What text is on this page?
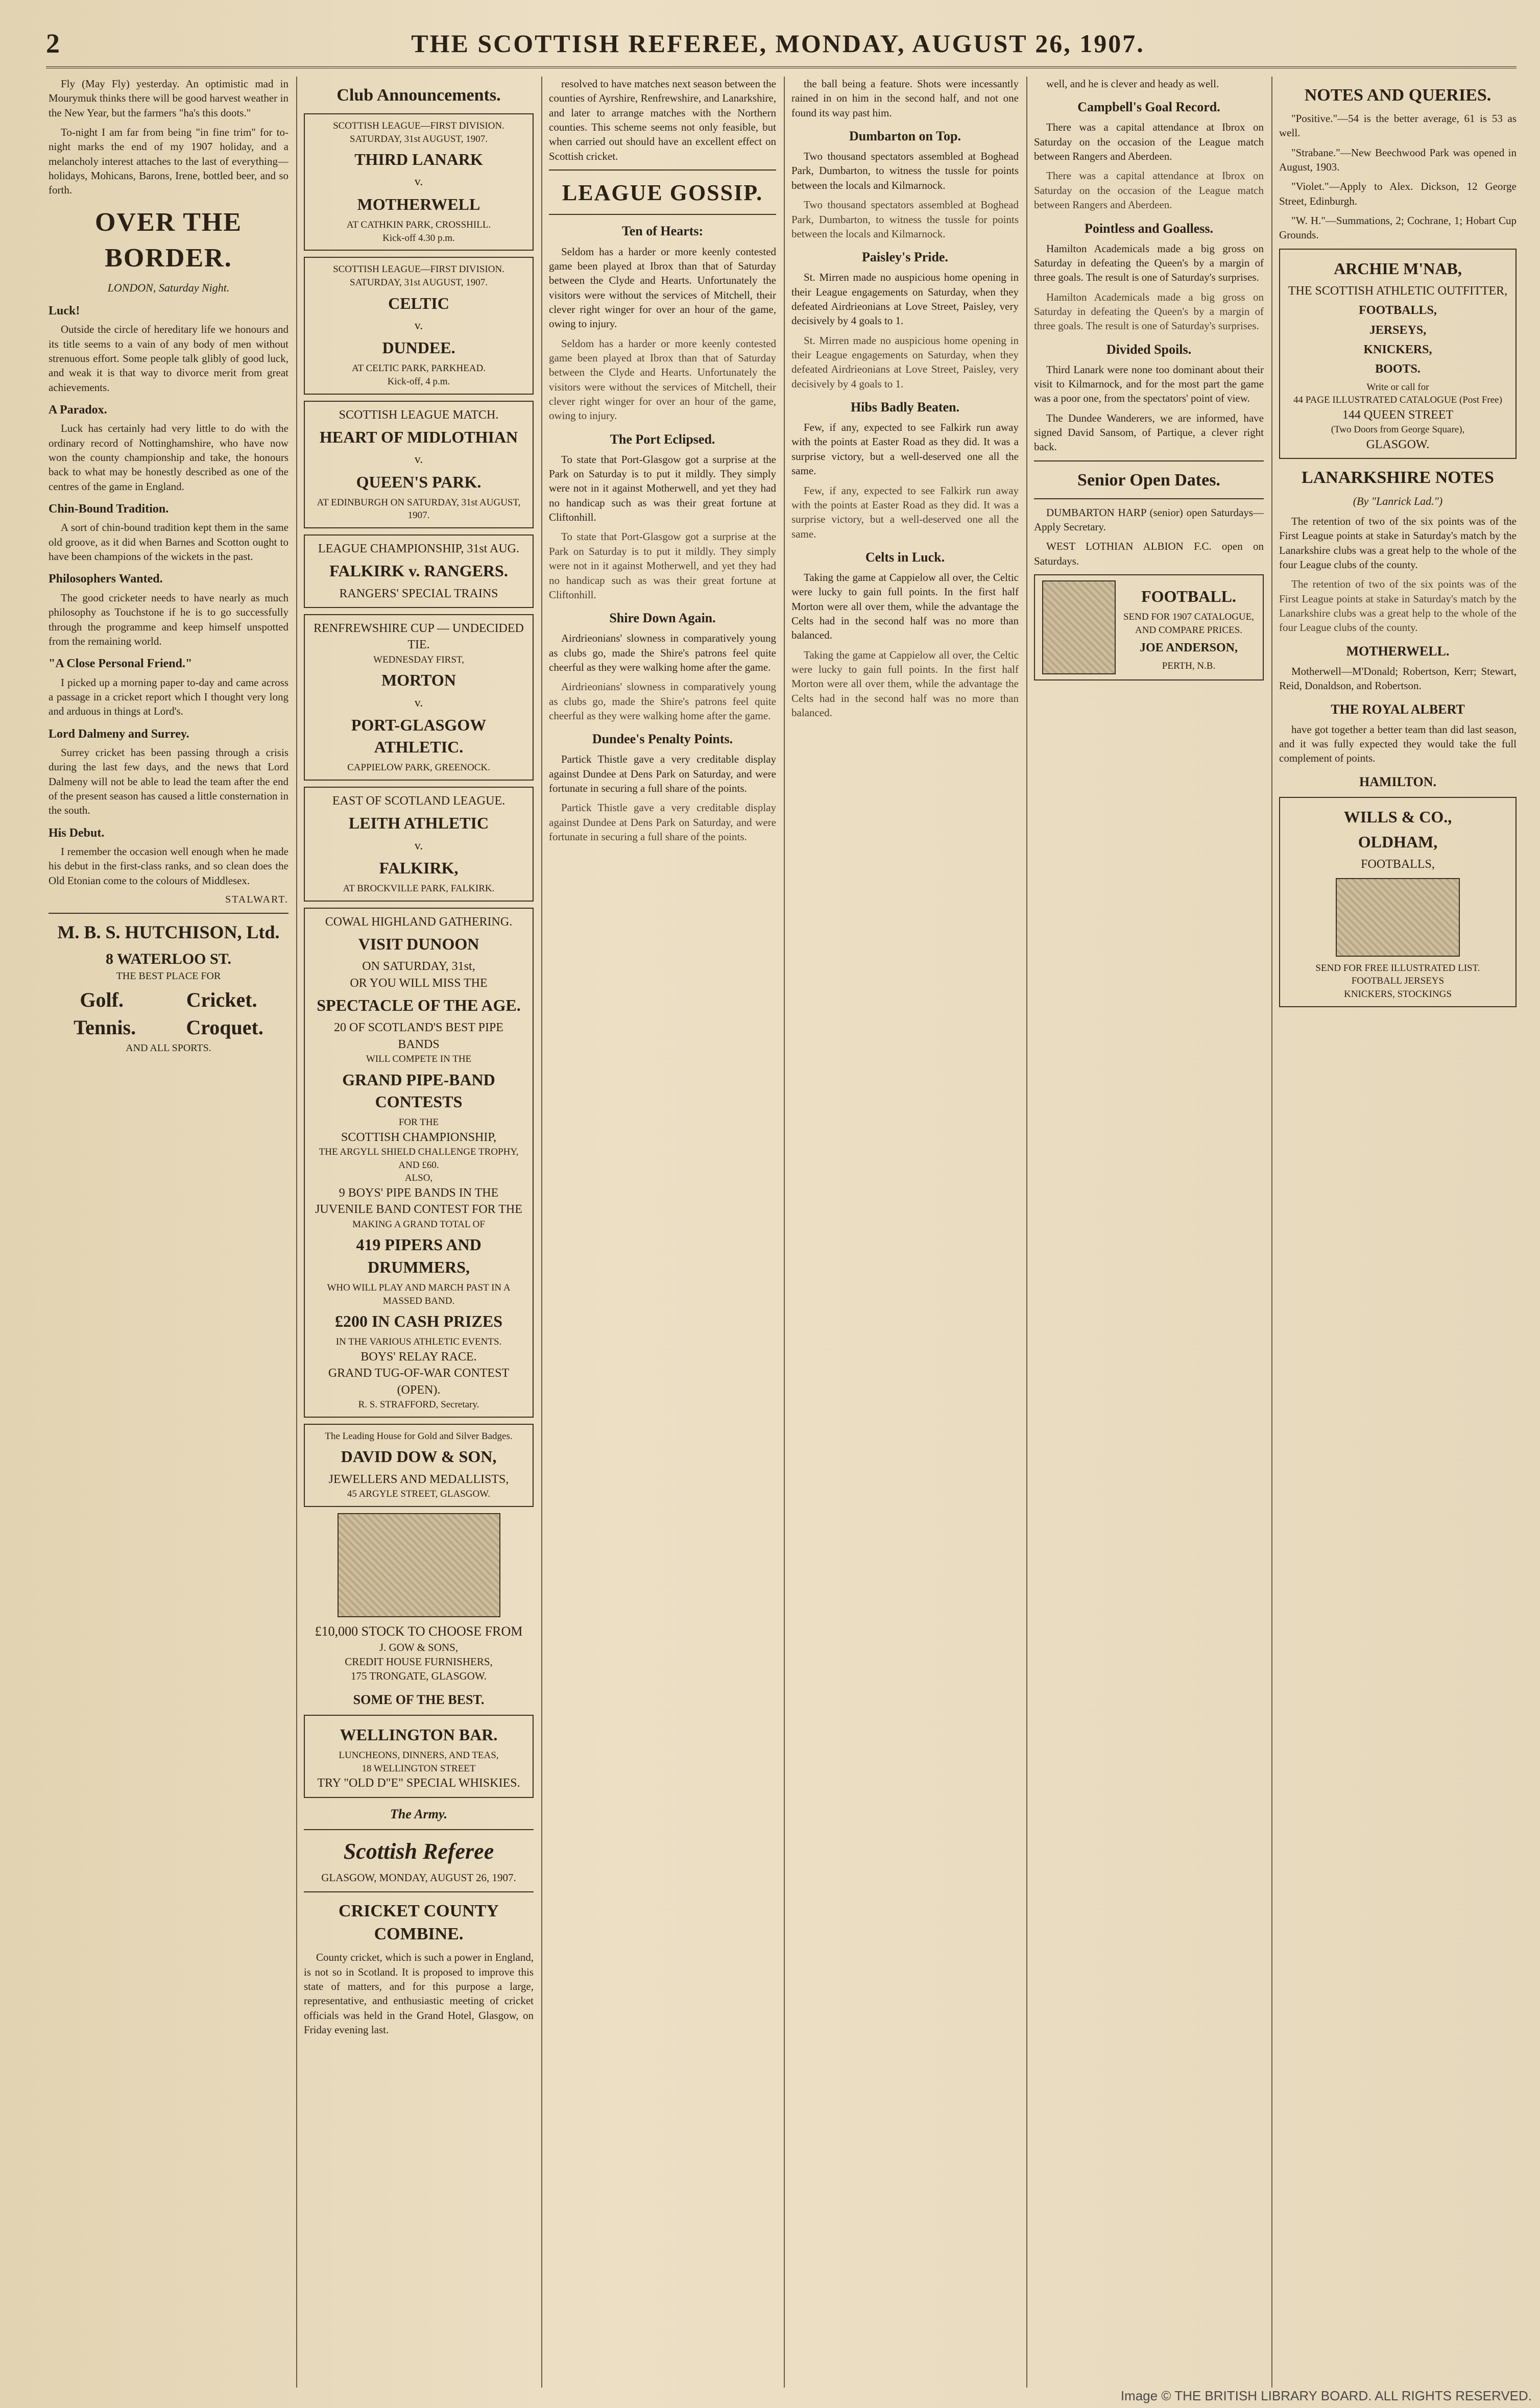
2	THE SCOTTISH REFEREE, MONDAY, AUGUST 26, 1907.

Fly (May Fly) yesterday. An optimistic mad in Mourymuk thinks there will be good harvest weather in the New Year, but the farmers "ha's this doots."

To-night I am far from being "in fine trim" for to-night marks the end of my 1907 holiday, and a melancholy interest attaches to the last of everything—holidays, Mohicans, Barons, Irene, bottled beer, and so forth.

OVER THE BORDER.
LONDON, Saturday Night.
Luck!

Outside the circle of hereditary life we honours and its title seems to a vain of any body of men without strenuous effort. Some people talk glibly of good luck, and weak it is that way to divorce merit from great achievements.

A Paradox.

Luck has certainly had very little to do with the ordinary record of Nottinghamshire, who have now won the county championship and take, the honours back to what may be honestly described as one of the centres of the game in England.

Chin-Bound Tradition.

A sort of chin-bound tradition kept them in the same old groove, as it did when Barnes and Scotton ought to have been champions of the wickets in the past.

Philosophers Wanted.

The good cricketer needs to have nearly as much philosophy as Touchstone if he is to go successfully through the programme and keep himself unspotted from the remaining world.

"A Close Personal Friend."

I picked up a morning paper to-day and came across a passage in a cricket report which I thought very long and arduous in things at Lord's.

Lord Dalmeny and Surrey.

Surrey cricket has been passing through a crisis during the last few days, and the news that Lord Dalmeny will not be able to lead the team after the end of the present season has caused a little consternation in the south.

His Debut.

I remember the occasion well enough when he made his debut in the first-class ranks, and so clean does the Old Etonian come to the colours of Middlesex.

STALWART.
M. B. S. HUTCHISON, Ltd.
8 WATERLOO ST.
THE BEST PLACE FOR
Golf.	Cricket.
Tennis. Croquet.
AND ALL SPORTS.
Club Announcements.
SCOTTISH LEAGUE—FIRST DIVISION.
SATURDAY, 31st AUGUST, 1907.
THIRD LANARK
v.
MOTHERWELL
AT CATHKIN PARK, CROSSHILL.
Kick-off 4.30 p.m.
SCOTTISH LEAGUE—FIRST DIVISION.
SATURDAY, 31st AUGUST, 1907.
CELTIC
v.
DUNDEE.
AT CELTIC PARK, PARKHEAD.
Kick-off, 4 p.m.
SCOTTISH LEAGUE MATCH.
HEART OF MIDLOTHIAN
v.
QUEEN'S PARK.
AT EDINBURGH ON SATURDAY, 31st AUGUST, 1907.
LEAGUE CHAMPIONSHIP, 31st AUG.
FALKIRK v. RANGERS.
RANGERS' SPECIAL TRAINS
RENFREWSHIRE CUP — UNDECIDED TIE.
WEDNESDAY FIRST,
MORTON
v.
PORT-GLASGOW ATHLETIC.
CAPPIELOW PARK, GREENOCK.
EAST OF SCOTLAND LEAGUE.
LEITH ATHLETIC
v.
FALKIRK,
AT BROCKVILLE PARK, FALKIRK.
COWAL HIGHLAND GATHERING.
VISIT DUNOON
ON SATURDAY, 31st,
OR YOU WILL MISS THE
SPECTACLE OF THE AGE.
20 OF SCOTLAND'S BEST PIPE BANDS
WILL COMPETE IN THE
GRAND PIPE-BAND CONTESTS
FOR THE
SCOTTISH CHAMPIONSHIP,
THE ARGYLL SHIELD CHALLENGE TROPHY, AND £60.
ALSO,
9 BOYS' PIPE BANDS IN THE JUVENILE BAND CONTEST FOR THE
MAKING A GRAND TOTAL OF
419 PIPERS AND DRUMMERS,
WHO WILL PLAY AND MARCH PAST IN A MASSED BAND.
£200 IN CASH PRIZES
IN THE VARIOUS ATHLETIC EVENTS.
BOYS' RELAY RACE.
GRAND TUG-OF-WAR CONTEST (OPEN).
R. S. STRAFFORD, Secretary.
The Leading House for Gold and Silver Badges.
DAVID DOW & SON,
JEWELLERS AND MEDALLISTS,
45 ARGYLE STREET, GLASGOW.
£10,000 STOCK TO CHOOSE FROM
J. GOW & SONS,
CREDIT HOUSE FURNISHERS,
175 TRONGATE, GLASGOW.
SOME OF THE BEST.
WELLINGTON BAR.
LUNCHEONS, DINNERS, AND TEAS,
18 WELLINGTON STREET
TRY "OLD D"E" SPECIAL WHISKIES.
The Army.
Scottish Referee
GLASGOW, MONDAY, AUGUST 26, 1907.
CRICKET COUNTY COMBINE.

County cricket, which is such a power in England, is not so in Scotland. It is proposed to improve this state of matters, and for this purpose a large, representative, and enthusiastic meeting of cricket officials was held in the Grand Hotel, Glasgow, on Friday evening last.

resolved to have matches next season between the counties of Ayrshire, Renfrewshire, and Lanarkshire, and later to arrange matches with the Northern counties. This scheme seems not only feasible, but when carried out should have an excellent effect on Scottish cricket.

LEAGUE GOSSIP.
Ten of Hearts:

Seldom has a harder or more keenly contested game been played at Ibrox than that of Saturday between the Clyde and Hearts. Unfortunately the visitors were without the services of Mitchell, their clever right winger for over an hour of the game, owing to injury.

Seldom has a harder or more keenly contested game been played at Ibrox than that of Saturday between the Clyde and Hearts. Unfortunately the visitors were without the services of Mitchell, their clever right winger for over an hour of the game, owing to injury.

The Port Eclipsed.

To state that Port-Glasgow got a surprise at the Park on Saturday is to put it mildly. They simply were not in it against Motherwell, and yet they had no handicap such as was their great fortune at Cliftonhill.

To state that Port-Glasgow got a surprise at the Park on Saturday is to put it mildly. They simply were not in it against Motherwell, and yet they had no handicap such as was their great fortune at Cliftonhill.

Shire Down Again.

Airdrieonians' slowness in comparatively young as clubs go, made the Shire's patrons feel quite cheerful as they were walking home after the game.

Airdrieonians' slowness in comparatively young as clubs go, made the Shire's patrons feel quite cheerful as they were walking home after the game.

Dundee's Penalty Points.

Partick Thistle gave a very creditable display against Dundee at Dens Park on Saturday, and were fortunate in securing a full share of the points.

Partick Thistle gave a very creditable display against Dundee at Dens Park on Saturday, and were fortunate in securing a full share of the points.

the ball being a feature. Shots were incessantly rained in on him in the second half, and not one found its way past him.

Dumbarton on Top.

Two thousand spectators assembled at Boghead Park, Dumbarton, to witness the tussle for points between the locals and Kilmarnock.

Two thousand spectators assembled at Boghead Park, Dumbarton, to witness the tussle for points between the locals and Kilmarnock.

Paisley's Pride.

St. Mirren made no auspicious home opening in their League engagements on Saturday, when they defeated Airdrieonians at Love Street, Paisley, very decisively by 4 goals to 1.

St. Mirren made no auspicious home opening in their League engagements on Saturday, when they defeated Airdrieonians at Love Street, Paisley, very decisively by 4 goals to 1.

Hibs Badly Beaten.

Few, if any, expected to see Falkirk run away with the points at Easter Road as they did. It was a surprise victory, but a well-deserved one all the same.

Few, if any, expected to see Falkirk run away with the points at Easter Road as they did. It was a surprise victory, but a well-deserved one all the same.

Celts in Luck.

Taking the game at Cappielow all over, the Celtic were lucky to gain full points. In the first half Morton were all over them, while the advantage the Celts had in the second half was no more than balanced.

Taking the game at Cappielow all over, the Celtic were lucky to gain full points. In the first half Morton were all over them, while the advantage the Celts had in the second half was no more than balanced.

well, and he is clever and heady as well.

Campbell's Goal Record.

There was a capital attendance at Ibrox on Saturday on the occasion of the League match between Rangers and Aberdeen.

There was a capital attendance at Ibrox on Saturday on the occasion of the League match between Rangers and Aberdeen.

Pointless and Goalless.

Hamilton Academicals made a big gross on Saturday in defeating the Queen's by a margin of three goals. The result is one of Saturday's surprises.

Hamilton Academicals made a big gross on Saturday in defeating the Queen's by a margin of three goals. The result is one of Saturday's surprises.

Divided Spoils.

Third Lanark were none too dominant about their visit to Kilmarnock, and for the most part the game was a poor one, from the spectators' point of view.

The Dundee Wanderers, we are informed, have signed David Sansom, of Partique, a clever right back.

Senior Open Dates.

DUMBARTON HARP (senior) open Saturdays—Apply Secretary.

WEST LOTHIAN ALBION F.C. open on Saturdays.

FOOTBALL.
SEND FOR 1907 CATALOGUE, AND COMPARE PRICES.
JOE ANDERSON,
PERTH, N.B.
NOTES AND QUERIES.

"Positive."—54 is the better average, 61 is 53 as well.

"Strabane."—New Beechwood Park was opened in August, 1903.

"Violet."—Apply to Alex. Dickson, 12 George Street, Edinburgh.

"W. H."—Summations, 2; Cochrane, 1; Hobart Cup Grounds.

ARCHIE M'NAB,
THE SCOTTISH ATHLETIC OUTFITTER,
FOOTBALLS,
JERSEYS,
KNICKERS,
BOOTS.
Write or call for
44 PAGE ILLUSTRATED CATALOGUE (Post Free)
144 QUEEN STREET
(Two Doors from George Square),
GLASGOW.
LANARKSHIRE NOTES
(By "Lanrick Lad.")

The retention of two of the six points was of the First League points at stake in Saturday's match by the Lanarkshire clubs was a great help to the whole of the four League clubs of the county.

The retention of two of the six points was of the First League points at stake in Saturday's match by the Lanarkshire clubs was a great help to the whole of the four League clubs of the county.

MOTHERWELL.

Motherwell—M'Donald; Robertson, Kerr; Stewart, Reid, Donaldson, and Robertson.

THE ROYAL ALBERT

have got together a better team than did last season, and it was fully expected they would take the full complement of points.

HAMILTON.
WILLS & CO.,
OLDHAM,
FOOTBALLS,
SEND FOR FREE ILLUSTRATED LIST.
FOOTBALL JERSEYS
KNICKERS, STOCKINGS
Image © THE BRITISH LIBRARY BOARD. ALL RIGHTS RESERVED.
